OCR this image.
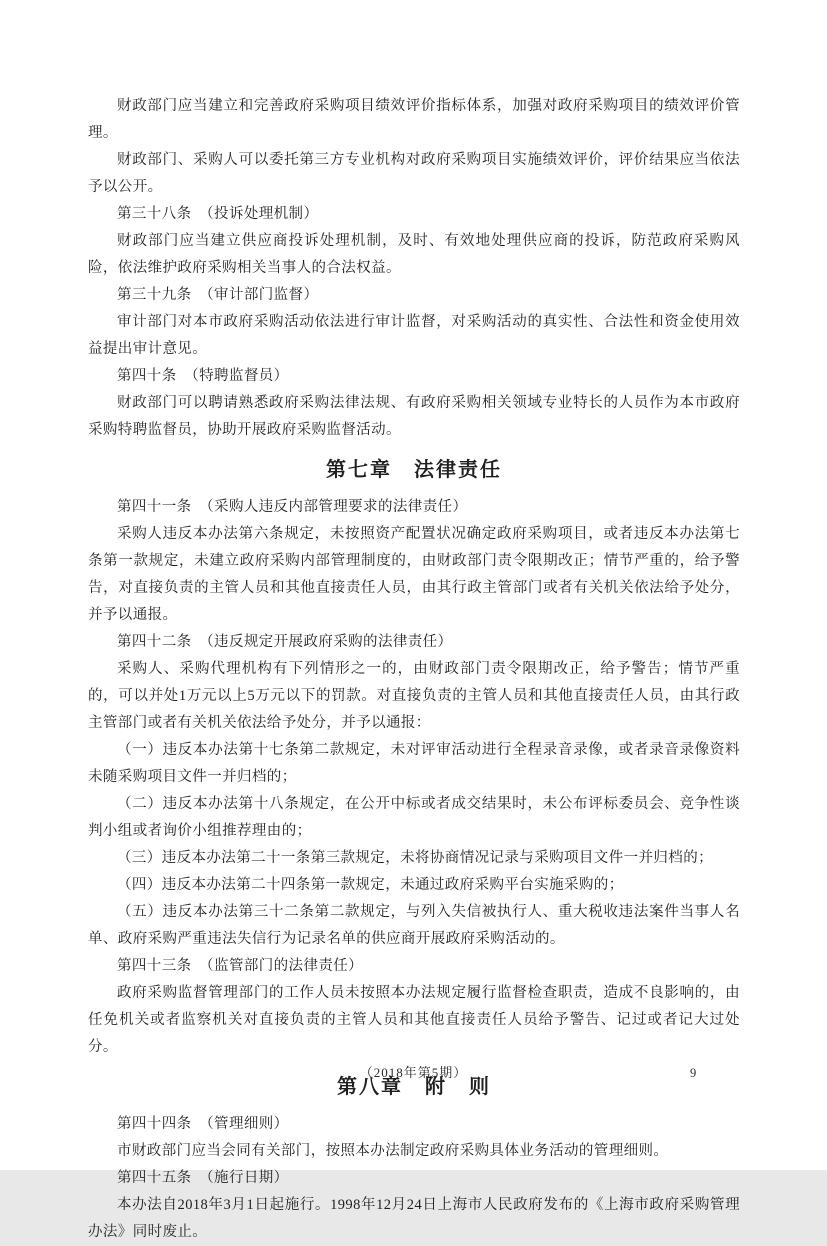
财政部门应当建立和完善政府采购项目绩效评价指标体系，加强对政府采购项目的绩效评价管理。

财政部门、采购人可以委托第三方专业机构对政府采购项目实施绩效评价，评价结果应当依法予以公开。

第三十八条　（投诉处理机制）

财政部门应当建立供应商投诉处理机制，及时、有效地处理供应商的投诉，防范政府采购风险，依法维护政府采购相关当事人的合法权益。

第三十九条　（审计部门监督）

审计部门对本市政府采购活动依法进行审计监督，对采购活动的真实性、合法性和资金使用效益提出审计意见。

第四十条　（特聘监督员）

财政部门可以聘请熟悉政府采购法律法规、有政府采购相关领域专业特长的人员作为本市政府采购特聘监督员，协助开展政府采购监督活动。

第七章　法律责任

第四十一条　（采购人违反内部管理要求的法律责任）

采购人违反本办法第六条规定，未按照资产配置状况确定政府采购项目，或者违反本办法第七条第一款规定，未建立政府采购内部管理制度的，由财政部门责令限期改正；情节严重的，给予警告，对直接负责的主管人员和其他直接责任人员，由其行政主管部门或者有关机关依法给予处分，并予以通报。

第四十二条　（违反规定开展政府采购的法律责任）

采购人、采购代理机构有下列情形之一的，由财政部门责令限期改正，给予警告；情节严重的，可以并处1万元以上5万元以下的罚款。对直接负责的主管人员和其他直接责任人员，由其行政主管部门或者有关机关依法给予处分，并予以通报：

（一）违反本办法第十七条第二款规定，未对评审活动进行全程录音录像，或者录音录像资料未随采购项目文件一并归档的；

（二）违反本办法第十八条规定，在公开中标或者成交结果时，未公布评标委员会、竞争性谈判小组或者询价小组推荐理由的；

（三）违反本办法第二十一条第三款规定，未将协商情况记录与采购项目文件一并归档的；

（四）违反本办法第二十四条第一款规定，未通过政府采购平台实施采购的；

（五）违反本办法第三十二条第二款规定，与列入失信被执行人、重大税收违法案件当事人名单、政府采购严重违法失信行为记录名单的供应商开展政府采购活动的。

第四十三条　（监管部门的法律责任）

政府采购监督管理部门的工作人员未按照本办法规定履行监督检查职责，造成不良影响的，由任免机关或者监察机关对直接负责的主管人员和其他直接责任人员给予警告、记过或者记大过处分。

第八章　附　则

第四十四条　（管理细则）

市财政部门应当会同有关部门，按照本办法制定政府采购具体业务活动的管理细则。

第四十五条　（施行日期）

本办法自2018年3月1日起施行。1998年12月24日上海市人民政府发布的《上海市政府采购管理办法》同时废止。

（2018年第5期）	9
